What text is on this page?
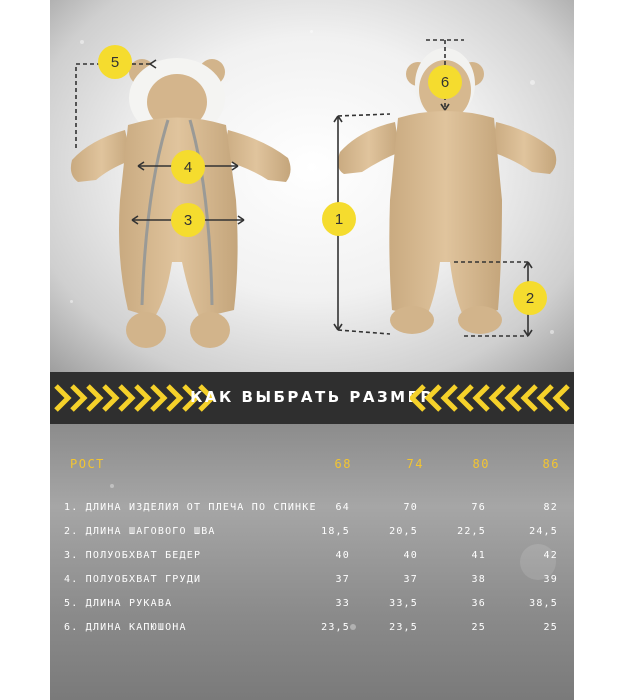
5
4
3
6
1
2
КАК ВЫБРАТЬ РАЗМЕР
РОСТ	68	74	80	86
1. ДЛИНА ИЗДЕЛИЯ ОТ ПЛЕЧА ПО СПИНКЕ	64	70	76	82
2. ДЛИНА ШАГОВОГО ШВА	18,5	20,5	22,5	24,5
3. ПОЛУОБХВАТ БЕДЕР	40	40	41	42
4. ПОЛУОБХВАТ ГРУДИ	37	37	38	39
5. ДЛИНА РУКАВА	33	33,5	36	38,5
6. ДЛИНА КАПЮШОНА	23,5	23,5	25	25
